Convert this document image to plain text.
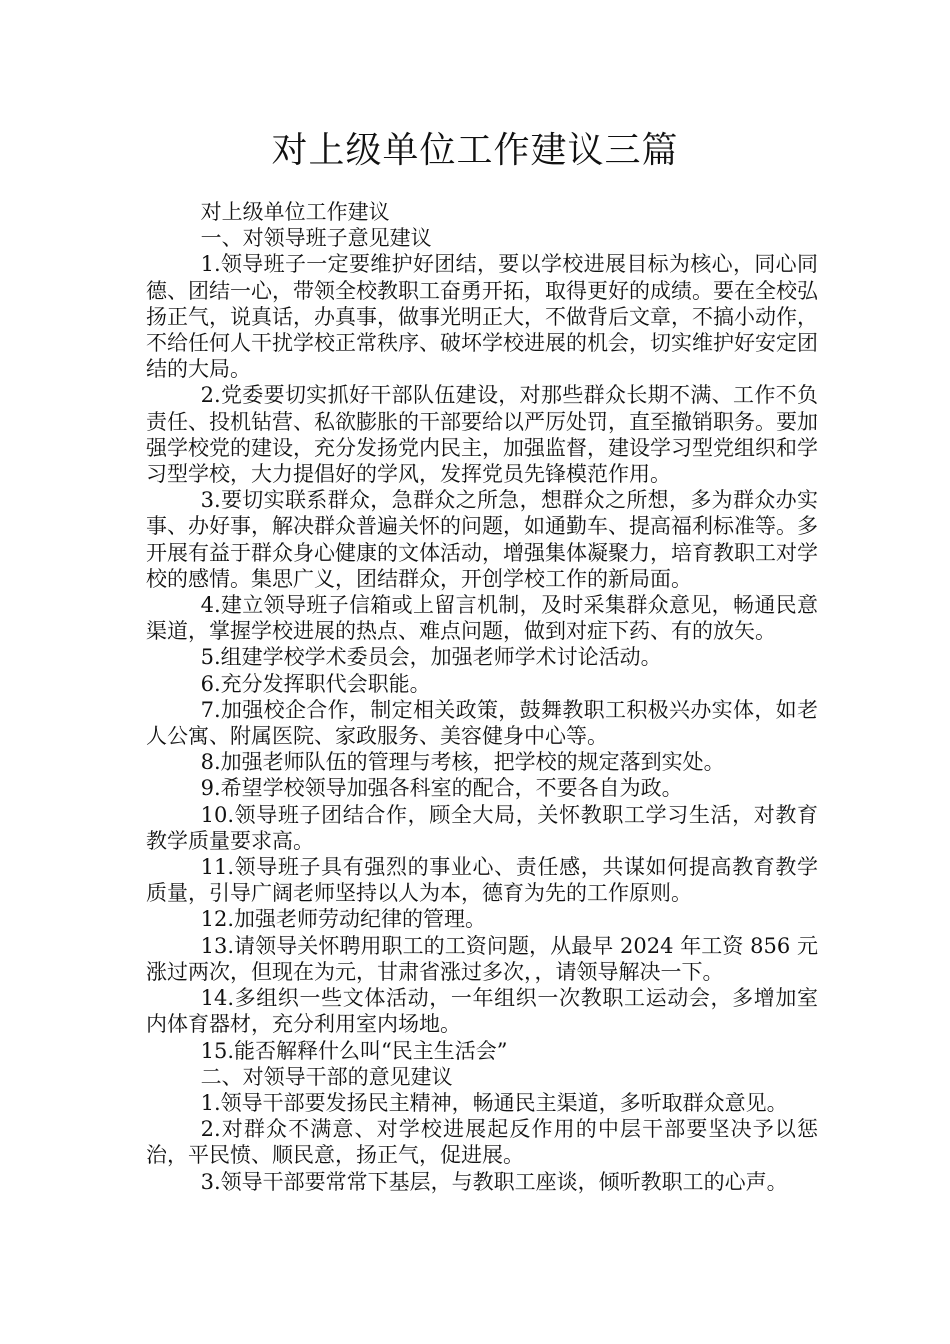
对上级单位工作建议三篇

对上级单位工作建议

一、对领导班子意见建议

1.领导班子一定要维护好团结，要以学校进展目标为核心，同心同德、团结一心，带领全校教职工奋勇开拓，取得更好的成绩。要在全校弘扬正气，说真话，办真事，做事光明正大，不做背后文章，不搞小动作，不给任何人干扰学校正常秩序、破坏学校进展的机会，切实维护好安定团结的大局。

2.党委要切实抓好干部队伍建设，对那些群众长期不满、工作不负责任、投机钻营、私欲膨胀的干部要给以严厉处罚，直至撤销职务。要加强学校党的建设，充分发扬党内民主，加强监督，建设学习型党组织和学习型学校，大力提倡好的学风，发挥党员先锋模范作用。

3.要切实联系群众，急群众之所急，想群众之所想，多为群众办实事、办好事，解决群众普遍关怀的问题，如通勤车、提高福利标准等。多开展有益于群众身心健康的文体活动，增强集体凝聚力，培育教职工对学校的感情。集思广义，团结群众，开创学校工作的新局面。

4.建立领导班子信箱或上留言机制，及时采集群众意见，畅通民意渠道，掌握学校进展的热点、难点问题，做到对症下药、有的放矢。

5.组建学校学术委员会，加强老师学术讨论活动。

6.充分发挥职代会职能。

7.加强校企合作，制定相关政策，鼓舞教职工积极兴办实体，如老人公寓、附属医院、家政服务、美容健身中心等。

8.加强老师队伍的管理与考核，把学校的规定落到实处。

9.希望学校领导加强各科室的配合，不要各自为政。

10.领导班子团结合作，顾全大局，关怀教职工学习生活，对教育教学质量要求高。

11.领导班子具有强烈的事业心、责任感，共谋如何提高教育教学质量，引导广阔老师坚持以人为本，德育为先的工作原则。

12.加强老师劳动纪律的管理。

13.请领导关怀聘用职工的工资问题，从最早 2024 年工资 856 元涨过两次，但现在为元，甘肃省涨过多次，，请领导解决一下。

14.多组织一些文体活动，一年组织一次教职工运动会，多增加室内体育器材，充分利用室内场地。

15.能否解释什么叫“民主生活会”

二、对领导干部的意见建议

1.领导干部要发扬民主精神，畅通民主渠道，多听取群众意见。

2.对群众不满意、对学校进展起反作用的中层干部要坚决予以惩治，平民愤、顺民意，扬正气，促进展。

3.领导干部要常常下基层，与教职工座谈，倾听教职工的心声。
